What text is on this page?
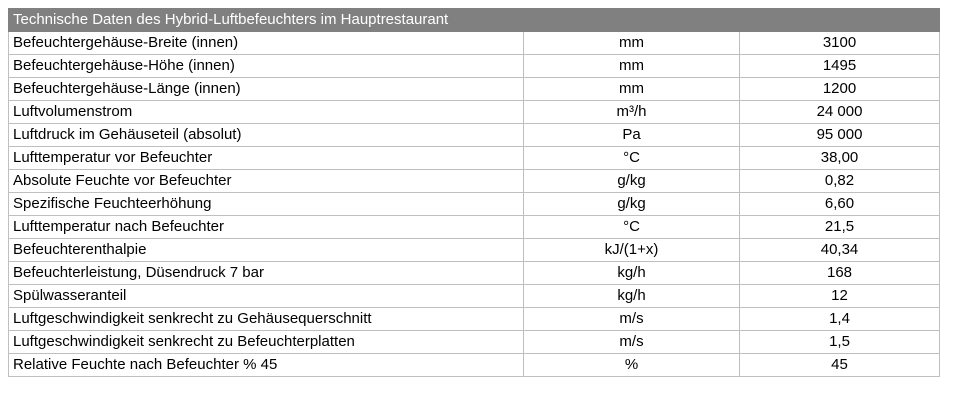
Technische Daten des Hybrid-Luftbefeuchters im Hauptrestaurant		
Befeuchtergehäuse-Breite (innen)	mm	3100
Befeuchtergehäuse-Höhe (innen)	mm	1495
Befeuchtergehäuse-Länge (innen)	mm	1200
Luftvolumenstrom	m³/h	24 000
Luftdruck im Gehäuseteil (absolut)	Pa	95 000
Lufttemperatur vor Befeuchter	°C	38,00
Absolute Feuchte vor Befeuchter	g/kg	0,82
Spezifische Feuchteerhöhung	g/kg	6,60
Lufttemperatur nach Befeuchter	°C	21,5
Befeuchterenthalpie	kJ/(1+x)	40,34
Befeuchterleistung, Düsendruck 7 bar	kg/h	168
Spülwasseranteil	kg/h	12
Luftgeschwindigkeit senkrecht zu Gehäusequerschnitt	m/s	1,4
Luftgeschwindigkeit senkrecht zu Befeuchterplatten	m/s	1,5
Relative Feuchte nach Befeuchter % 45	%	45
